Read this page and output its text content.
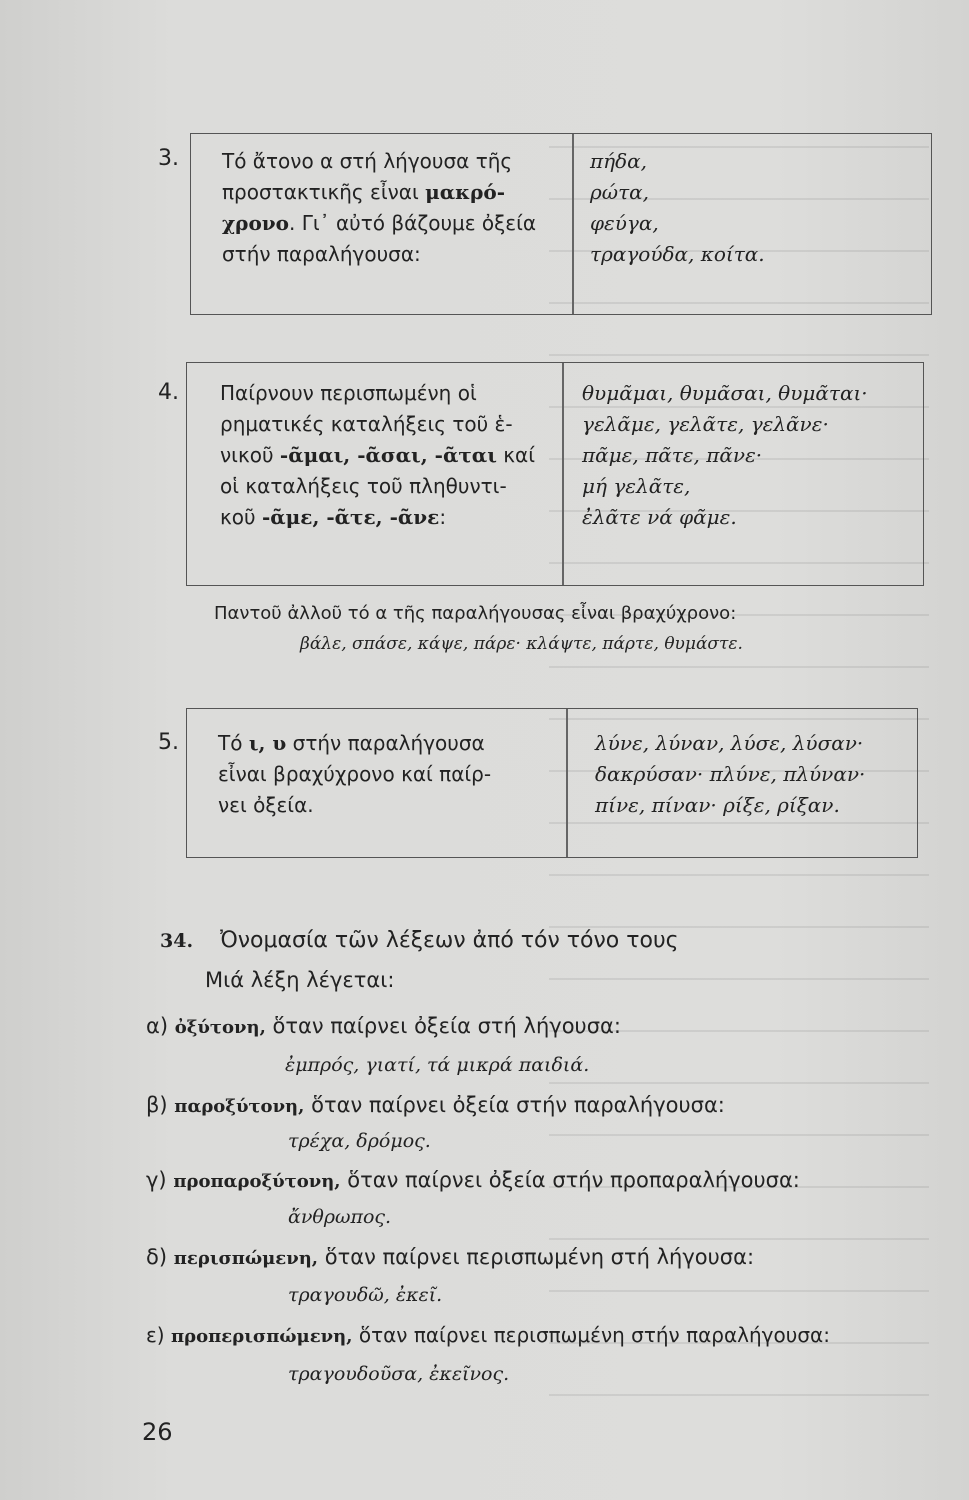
3. Τό ἄτονο α στή λήγουσα τῆς
προστακτικῆς εἶναι μακρό-
χρονο. Γι᾽ αὐτό βάζουμε ὀξεία
στήν παραλήγουσα:
πήδα,
ρώτα,
φεύγα,
τραγούδα, κοίτα.
4. Παίρνουν περισπωμένη οἱ
ρηματικές καταλήξεις τοῦ ἑ-
νικοῦ -ᾶμαι, -ᾶσαι, -ᾶται καί
οἱ καταλήξεις τοῦ πληθυντι-
κοῦ -ᾶμε, -ᾶτε, -ᾶνε:
θυμᾶμαι, θυμᾶσαι, θυμᾶται·
γελᾶμε, γελᾶτε, γελᾶνε·
πᾶμε, πᾶτε, πᾶνε·
μή γελᾶτε,
ἐλᾶτε νά φᾶμε.
Παντοῦ ἀλλοῦ τό α τῆς παραλήγουσας εἶναι βραχύχρονο:
βάλε, σπάσε, κάψε, πάρε· κλάψτε, πάρτε, θυμάστε.
5. Τό ι, υ στήν παραλήγουσα
εἶναι βραχύχρονο καί παίρ-
νει ὀξεία.
λύνε, λύναν, λύσε, λύσαν·
δακρύσαν· πλύνε, πλύναν·
πίνε, πίναν· ρίξε, ρίξαν.
34. Ὀνομασία τῶν λέξεων ἀπό τόν τόνο τους
Μιά λέξη λέγεται:
α) ὀξύτονη, ὅταν παίρνει ὀξεία στή λήγουσα:
ἐμπρός, γιατί, τά μικρά παιδιά.
β) παροξύτονη, ὅταν παίρνει ὀξεία στήν παραλήγουσα:
τρέχα, δρόμος.
γ) προπαροξύτονη, ὅταν παίρνει ὀξεία στήν προπαραλήγουσα:
ἄνθρωπος.
δ) περισπώμενη, ὅταν παίρνει περισπωμένη στή λήγουσα:
τραγουδῶ, ἐκεῖ.
ε) προπερισπώμενη, ὅταν παίρνει περισπωμένη στήν παραλήγουσα:
τραγουδοῦσα, ἐκεῖνος.
26
